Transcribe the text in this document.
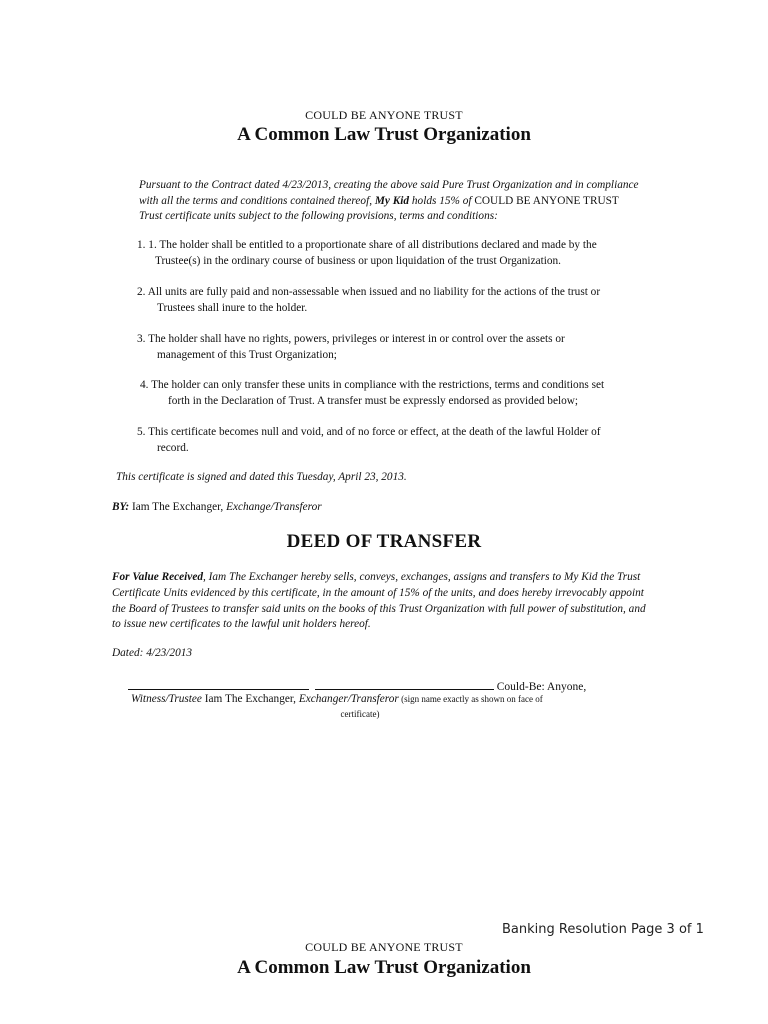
COULD BE ANYONE TRUST
A Common Law Trust Organization
Pursuant to the Contract dated 4/23/2013, creating the above said Pure Trust Organization and in compliance with all the terms and conditions contained thereof, My Kid holds 15% of COULD BE ANYONE TRUST Trust certificate units subject to the following provisions, terms and conditions:
1. 1. The holder shall be entitled to a proportionate share of all distributions declared and made by the
Trustee(s) in the ordinary course of business or upon liquidation of the trust Organization.
2. All units are fully paid and non-assessable when issued and no liability for the actions of the trust or
Trustees shall inure to the holder.
3. The holder shall have no rights, powers, privileges or interest in or control over the assets or
management of this Trust Organization;
4. The holder can only transfer these units in compliance with the restrictions, terms and conditions set
forth in the Declaration of Trust. A transfer must be expressly endorsed as provided below;
5. This certificate becomes null and void, and of no force or effect, at the death of the lawful Holder of
record.
This certificate is signed and dated this Tuesday, April 23, 2013.
BY: Iam The Exchanger, Exchange/Transferor
DEED OF TRANSFER
For Value Received, Iam The Exchanger hereby sells, conveys, exchanges, assigns and transfers to My Kid the Trust Certificate Units evidenced by this certificate, in the amount of 15% of the units, and does hereby irrevocably appoint the Board of Trustees to transfer said units on the books of this Trust Organization with full power of substitution, and to issue new certificates to the lawful unit holders hereof.
Dated: 4/23/2013
Could-Be: Anyone,
Witness/Trustee Iam The Exchanger, Exchanger/Transferor (sign name exactly as shown on face of
certificate)
Banking Resolution Page 3 of 1
COULD BE ANYONE TRUST
A Common Law Trust Organization
